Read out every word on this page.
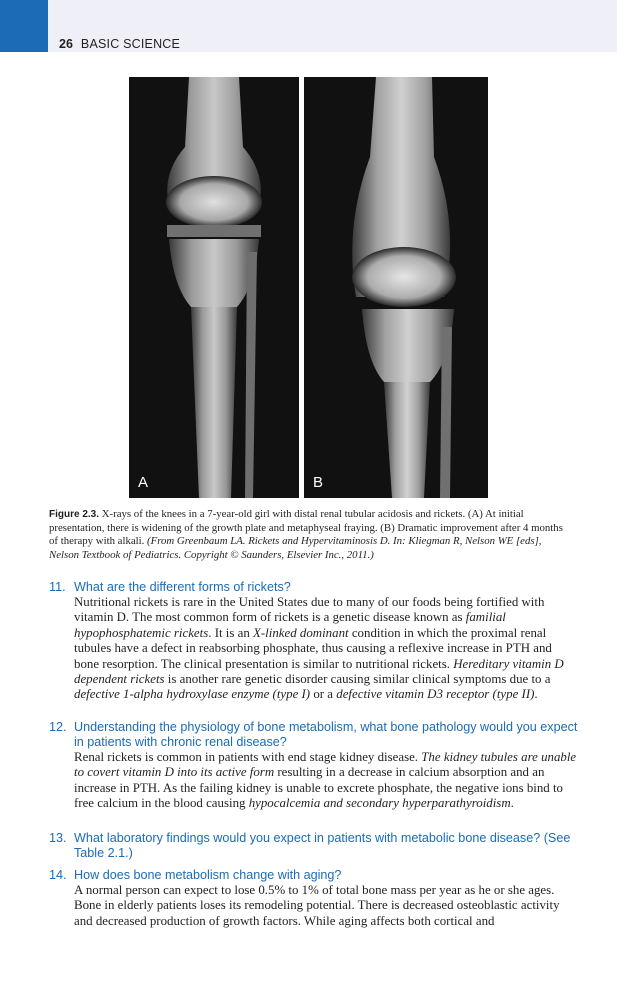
26 BASIC SCIENCE
A	B
Figure 2.3. X-rays of the knees in a 7-year-old girl with distal renal tubular acidosis and rickets. (A) At initial presentation, there is widening of the growth plate and metaphyseal fraying. (B) Dramatic improvement after 4 months of therapy with alkali. (From Greenbaum LA. Rickets and Hypervitaminosis D. In: Kliegman R, Nelson WE [eds], Nelson Textbook of Pediatrics. Copyright © Saunders, Elsevier Inc., 2011.)
11. What are the different forms of rickets?
Nutritional rickets is rare in the United States due to many of our foods being fortified with vitamin D. The most common form of rickets is a genetic disease known as familial hypophosphatemic rickets. It is an X-linked dominant condition in which the proximal renal tubules have a defect in reabsorbing phosphate, thus causing a reflexive increase in PTH and bone resorption. The clinical presentation is similar to nutritional rickets. Hereditary vitamin D dependent rickets is another rare genetic disorder causing similar clinical symptoms due to a defective 1-alpha hydroxylase enzyme (type I) or a defective vitamin D3 receptor (type II).
12. Understanding the physiology of bone metabolism, what bone pathology would you expect in patients with chronic renal disease?
Renal rickets is common in patients with end stage kidney disease. The kidney tubules are unable to covert vitamin D into its active form resulting in a decrease in calcium absorption and an increase in PTH. As the failing kidney is unable to excrete phosphate, the negative ions bind to free calcium in the blood causing hypocalcemia and secondary hyperparathyroidism.
13. What laboratory findings would you expect in patients with metabolic bone disease? (See Table 2.1.)
14. How does bone metabolism change with aging?
A normal person can expect to lose 0.5% to 1% of total bone mass per year as he or she ages. Bone in elderly patients loses its remodeling potential. There is decreased osteoblastic activity and decreased production of growth factors. While aging affects both cortical and
